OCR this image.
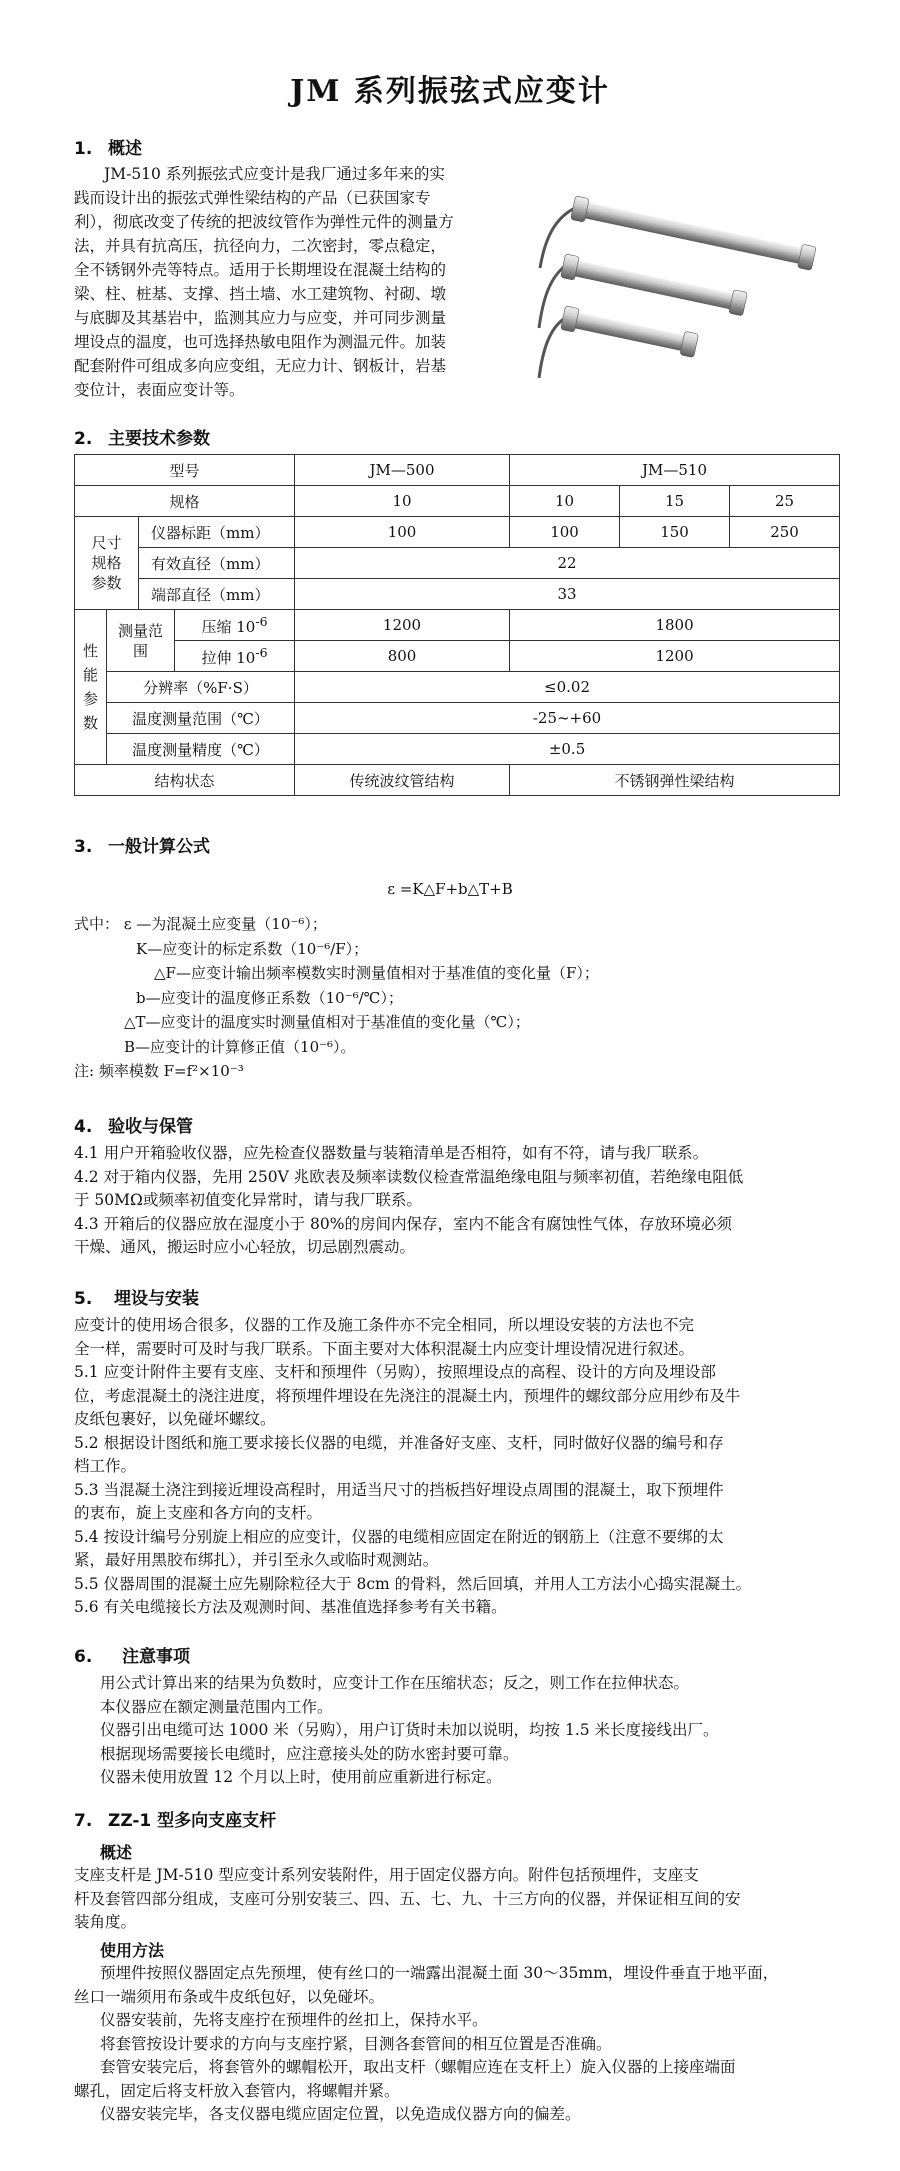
JM 系列振弦式应变计
1. 概述
JM-510 系列振弦式应变计是我厂通过多年来的实
践而设计出的振弦式弹性梁结构的产品（已获国家专
利），彻底改变了传统的把波纹管作为弹性元件的测量方
法，并具有抗高压，抗径向力，二次密封，零点稳定，
全不锈钢外壳等特点。适用于长期埋设在混凝土结构的
梁、柱、桩基、支撑、挡土墙、水工建筑物、衬砌、墩
与底脚及其基岩中，监测其应力与应变，并可同步测量
埋设点的温度，也可选择热敏电阻作为测温元件。加装
配套附件可组成多向应变组，无应力计、钢板计，岩基
变位计，表面应变计等。
2. 主要技术参数
型号				JM—500	JM—510		
规格				10	10	15	25
尺寸规格参数		仪器标距（mm）		100	100	150	250
		有效直径（mm）		22			
		端部直径（mm）		33			
性能参数	测量范围		压缩 $10^{-6}$	1200	1800		
			拉伸 $10^{-6}$	800	1200		
	分辨率（%F·S）			≤0.02			
	温度测量范围（℃）			-25~+60			
	温度测量精度（℃）			±0.5			
结构状态				传统波纹管结构	不锈钢弹性梁结构		
3. 一般计算公式
ε =K△F+b△T+B
式中： ε —为混凝土应变量（10⁻⁶）；
K—应变计的标定系数（10⁻⁶/F）；
△F—应变计输出频率模数实时测量值相对于基准值的变化量（F）；
b—应变计的温度修正系数（10⁻⁶/℃）；
△T—应变计的温度实时测量值相对于基准值的变化量（℃）；
B—应变计的计算修正值（10⁻⁶）。
注: 频率模数 F=f²×10⁻³
4. 验收与保管
4.1 用户开箱验收仪器，应先检查仪器数量与装箱清单是否相符，如有不符，请与我厂联系。
4.2 对于箱内仪器，先用 250V 兆欧表及频率读数仪检查常温绝缘电阻与频率初值，若绝缘电阻低
于 50MΩ或频率初值变化异常时，请与我厂联系。
4.3 开箱后的仪器应放在湿度小于 80%的房间内保存，室内不能含有腐蚀性气体，存放环境必须
干燥、通风，搬运时应小心轻放，切忌剧烈震动。
5. 埋设与安装
应变计的使用场合很多，仪器的工作及施工条件亦不完全相同，所以埋设安装的方法也不完
全一样，需要时可及时与我厂联系。下面主要对大体积混凝土内应变计埋设情况进行叙述。
5.1 应变计附件主要有支座、支杆和预埋件（另购），按照埋设点的高程、设计的方向及埋设部
位，考虑混凝土的浇注进度，将预埋件埋设在先浇注的混凝土内，预埋件的螺纹部分应用纱布及牛
皮纸包裹好，以免碰坏螺纹。
5.2 根据设计图纸和施工要求接长仪器的电缆，并准备好支座、支杆，同时做好仪器的编号和存
档工作。
5.3 当混凝土浇注到接近埋设高程时，用适当尺寸的挡板挡好埋设点周围的混凝土，取下预埋件
的衷布，旋上支座和各方向的支杆。
5.4 按设计编号分别旋上相应的应变计，仪器的电缆相应固定在附近的钢筋上（注意不要绑的太
紧，最好用黑胶布绑扎），并引至永久或临时观测站。
5.5 仪器周围的混凝土应先剔除粒径大于 8cm 的骨料，然后回填，并用人工方法小心捣实混凝土。
5.6 有关电缆接长方法及观测时间、基准值选择参考有关书籍。
6. 注意事项
用公式计算出来的结果为负数时，应变计工作在压缩状态；反之，则工作在拉伸状态。
本仪器应在额定测量范围内工作。
仪器引出电缆可达 1000 米（另购），用户订货时未加以说明，均按 1.5 米长度接线出厂。
根据现场需要接长电缆时，应注意接头处的防水密封要可靠。
仪器未使用放置 12 个月以上时，使用前应重新进行标定。
7. ZZ-1 型多向支座支杆
概述
支座支杆是 JM-510 型应变计系列安装附件，用于固定仪器方向。附件包括预埋件，支座支
杆及套管四部分组成，支座可分别安装三、四、五、七、九、十三方向的仪器，并保证相互间的安
装角度。
使用方法
预埋件按照仪器固定点先预埋，使有丝口的一端露出混凝土面 30～35mm，埋设件垂直于地平面，
丝口一端须用布条或牛皮纸包好，以免碰坏。
仪器安装前，先将支座拧在预埋件的丝扣上，保持水平。
将套管按设计要求的方向与支座拧紧，目测各套管间的相互位置是否准确。
套管安装完后，将套管外的螺帽松开，取出支杆（螺帽应连在支杆上）旋入仪器的上接座端面
螺孔，固定后将支杆放入套管内，将螺帽并紧。
仪器安装完毕，各支仪器电缆应固定位置，以免造成仪器方向的偏差。
